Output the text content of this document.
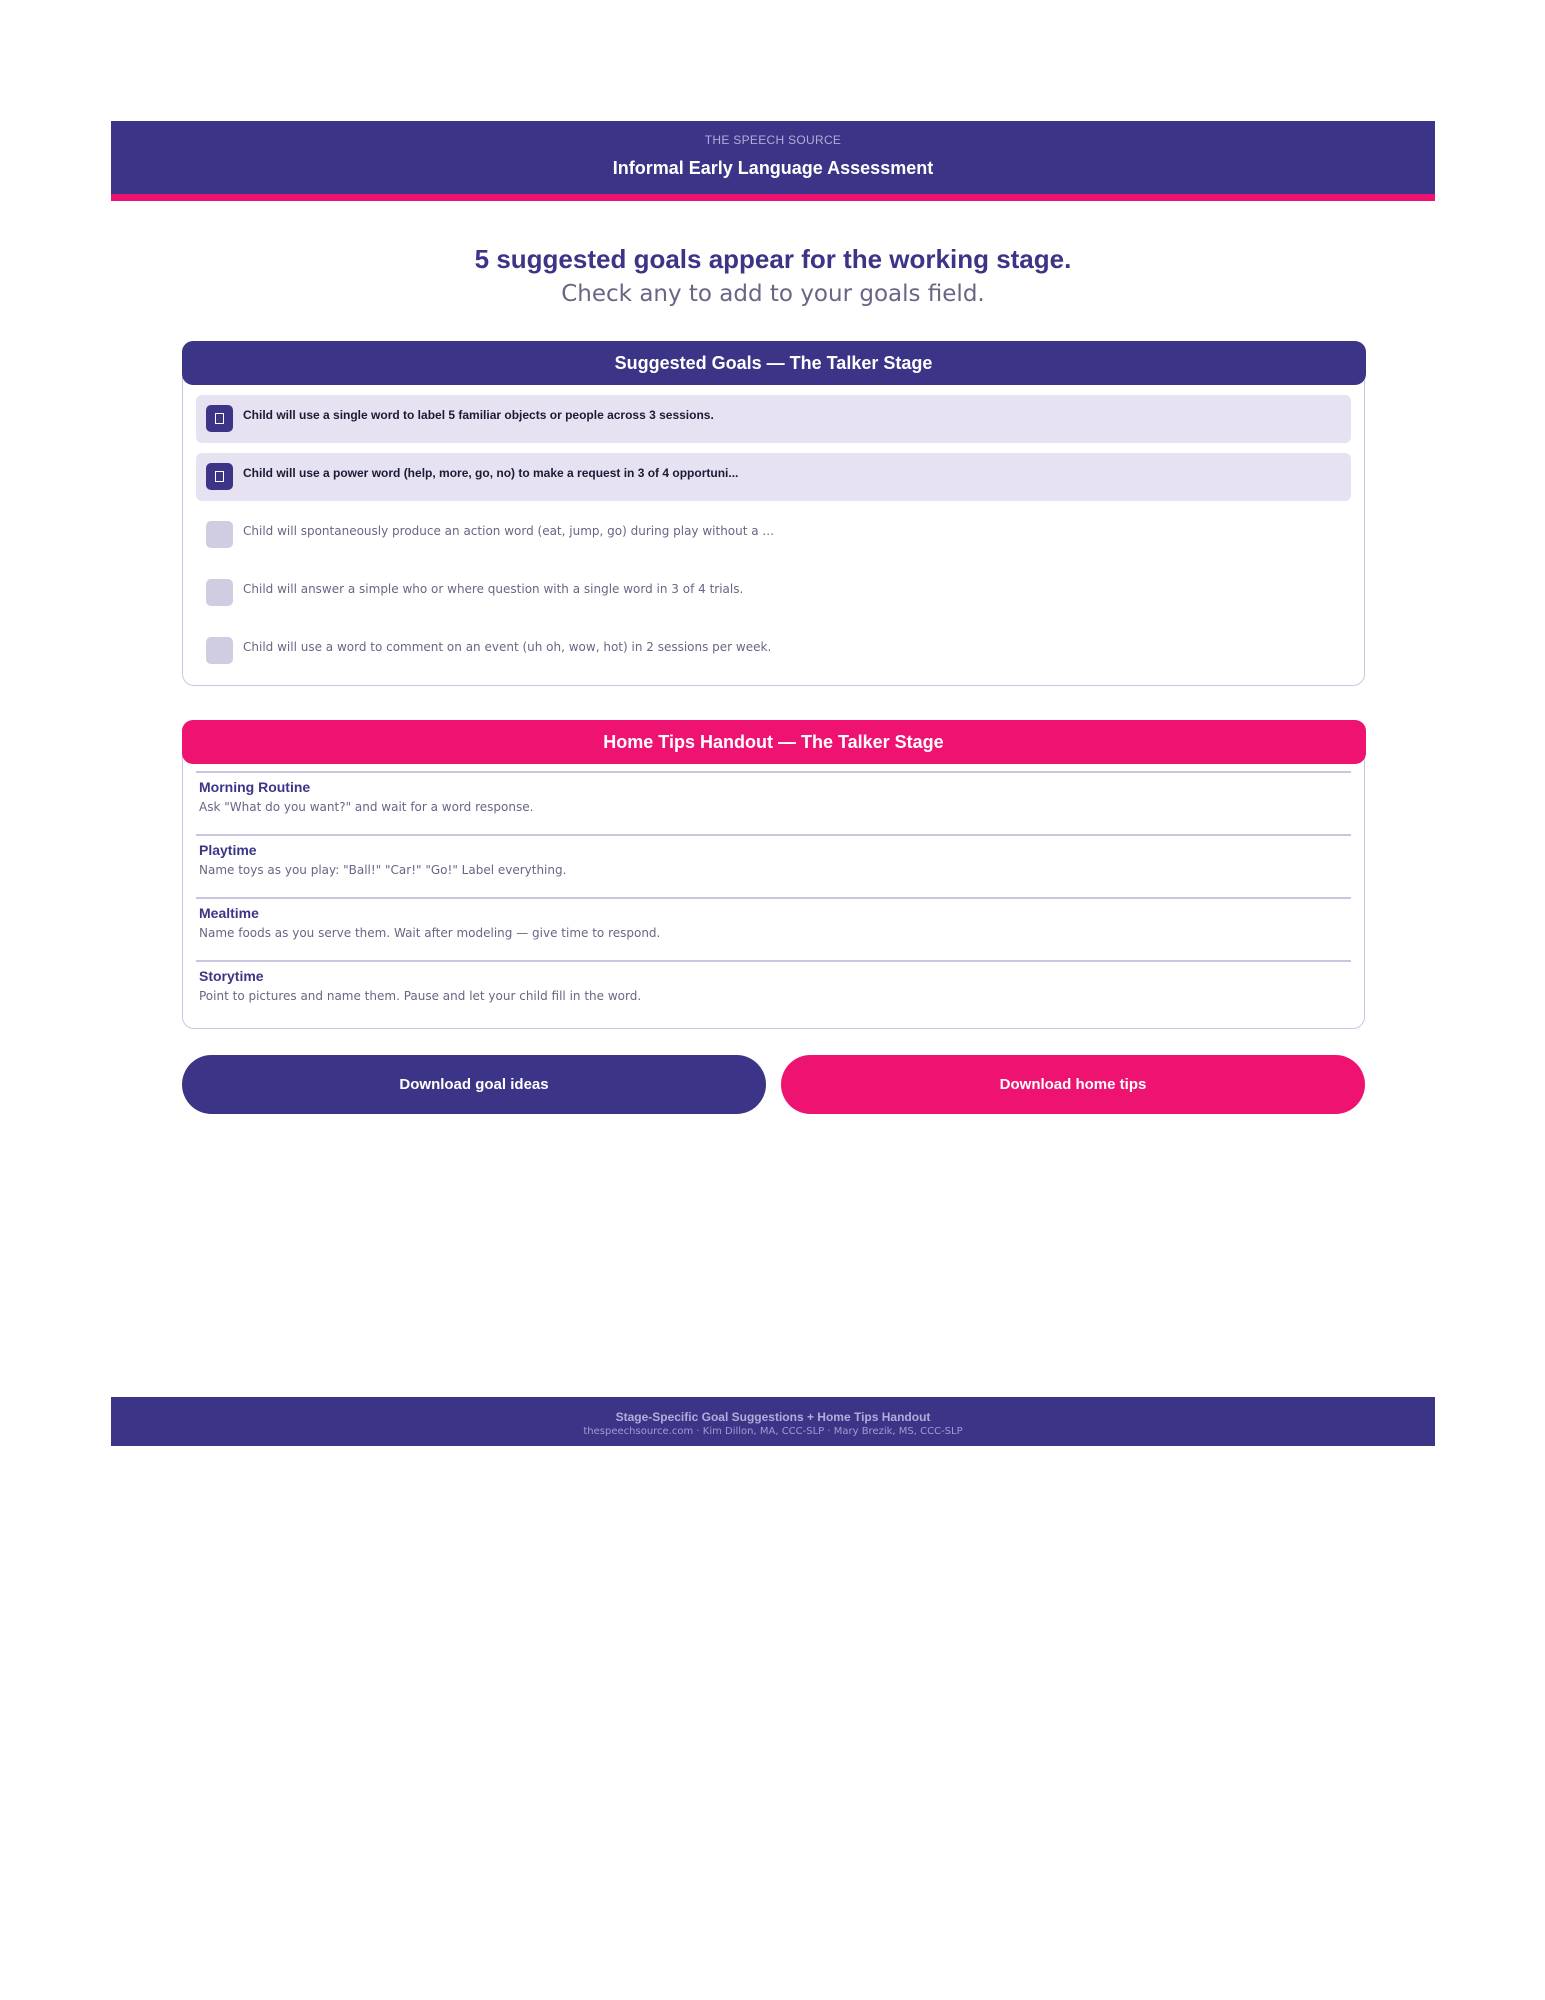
THE SPEECH SOURCE
Informal Early Language Assessment
5 suggested goals appear for the working stage.
Check any to add to your goals field.
Suggested Goals — The Talker Stage
Child will use a single word to label 5 familiar objects or people across 3 sessions.
Child will use a power word (help, more, go, no) to make a request in 3 of 4 opportuni...
Child will spontaneously produce an action word (eat, jump, go) during play without a ...
Child will answer a simple who or where question with a single word in 3 of 4 trials.
Child will use a word to comment on an event (uh oh, wow, hot) in 2 sessions per week.
Home Tips Handout — The Talker Stage
Morning Routine
Ask "What do you want?" and wait for a word response.
Playtime
Name toys as you play: "Ball!" "Car!" "Go!" Label everything.
Mealtime
Name foods as you serve them. Wait after modeling — give time to respond.
Storytime
Point to pictures and name them. Pause and let your child fill in the word.
Download goal ideas	Download home tips
Stage-Specific Goal Suggestions + Home Tips Handout
thespeechsource.com · Kim Dillon, MA, CCC-SLP · Mary Brezik, MS, CCC-SLP
